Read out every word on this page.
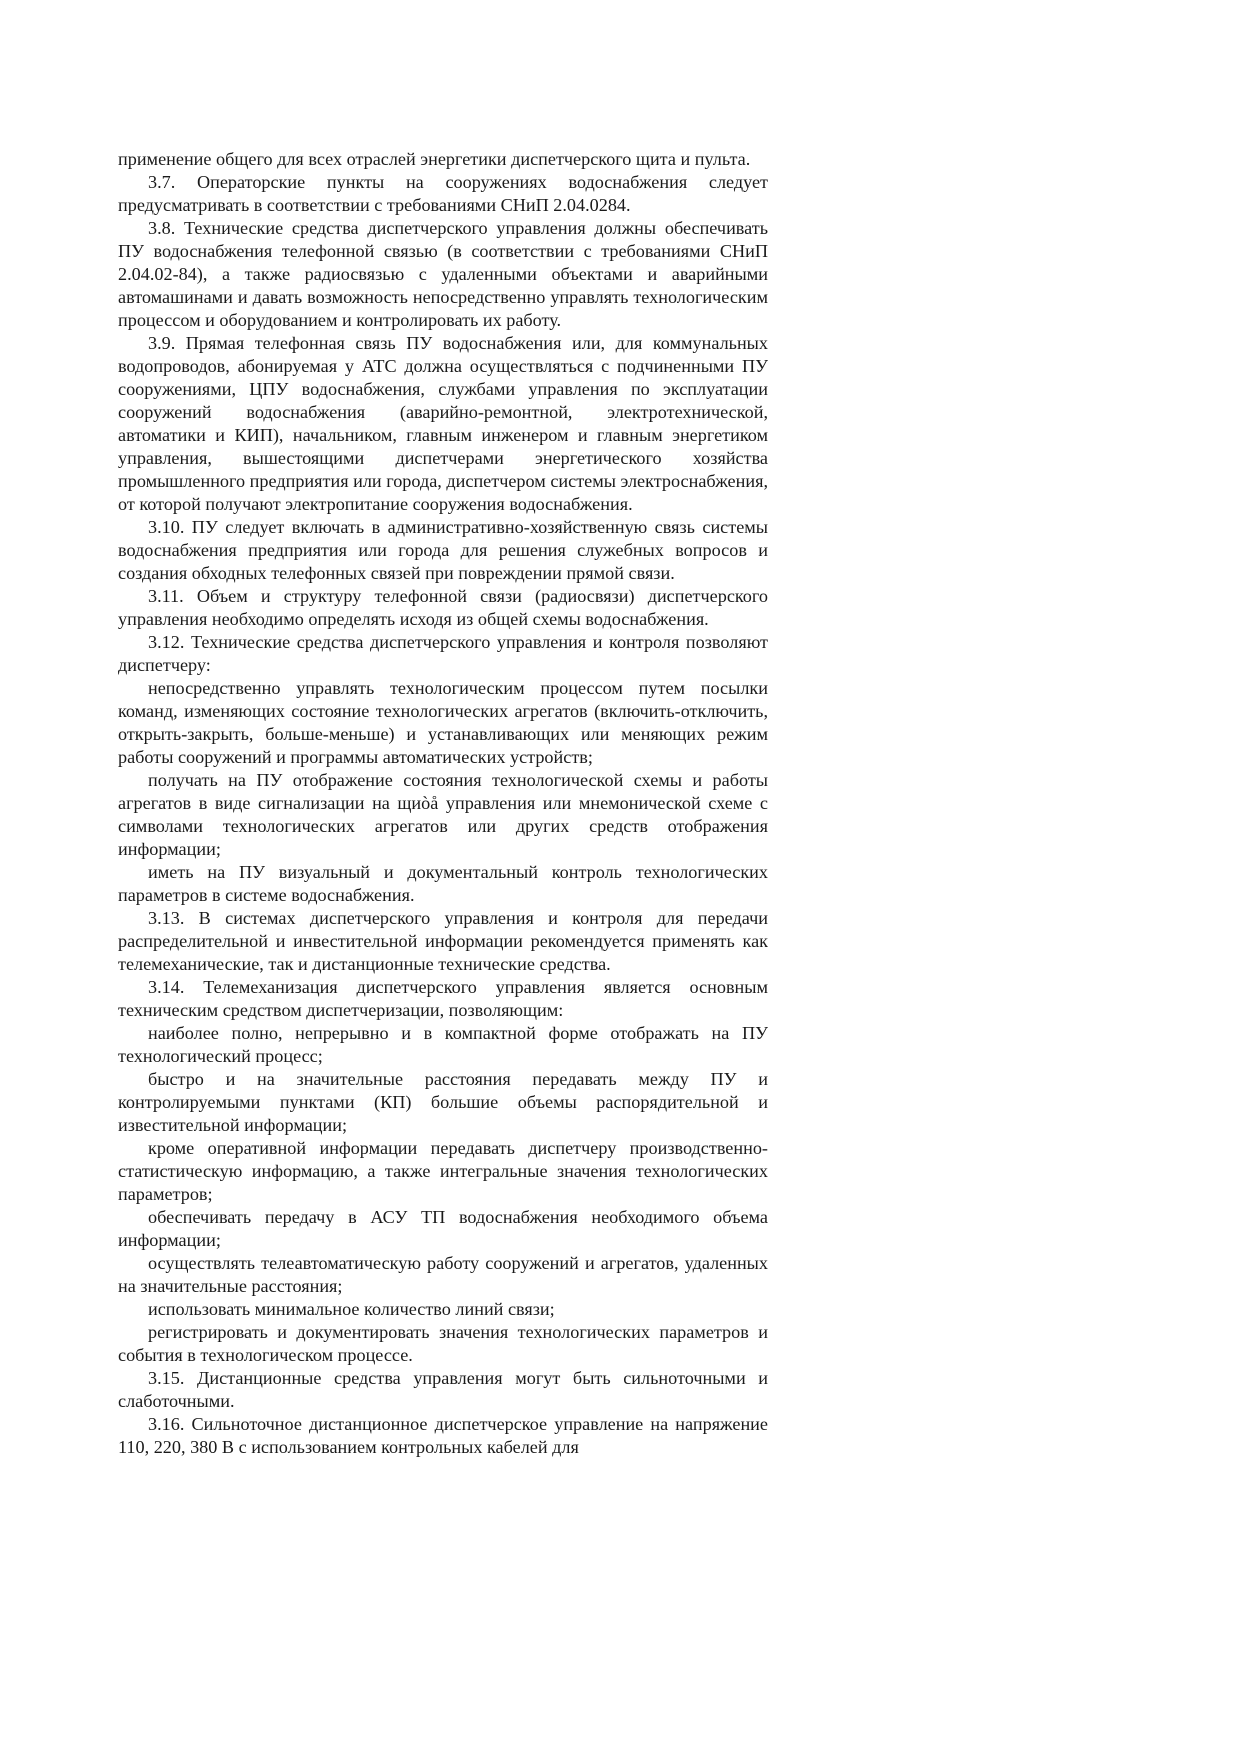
применение общего для всех отраслей энергетики диспетчерского щита и пульта.

3.7. Операторские пункты на сооружениях водоснабжения следует предусматривать в соответствии с требованиями СНиП 2.04.0284.

3.8. Технические средства диспетчерского управления должны обеспечивать ПУ водоснабжения телефонной связью (в соответствии с требованиями СНиП 2.04.02-84), а также радиосвязью с удаленными объектами и аварийными автомашинами и давать возможность непосредственно управлять технологическим процессом и оборудованием и контролировать их работу.

3.9. Прямая телефонная связь ПУ водоснабжения или, для коммунальных водопроводов, абонируемая у АТС должна осуществляться с подчиненными ПУ сооружениями, ЦПУ водоснабжения, службами управления по эксплуатации сооружений водоснабжения (аварийно-ремонтной, электротехнической, автоматики и КИП), начальником, главным инженером и главным энергетиком управления, вышестоящими диспетчерами энергетического хозяйства промышленного предприятия или города, диспетчером системы электроснабжения, от которой получают электропитание сооружения водоснабжения.

3.10. ПУ следует включать в административно-хозяйственную связь системы водоснабжения предприятия или города для решения служебных вопросов и создания обходных телефонных связей при повреждении прямой связи.

3.11. Объем и структуру телефонной связи (радиосвязи) диспетчерского управления необходимо определять исходя из общей схемы водоснабжения.

3.12. Технические средства диспетчерского управления и контроля позволяют диспетчеру:

непосредственно управлять технологическим процессом путем посылки команд, изменяющих состояние технологических агрегатов (включить-отключить, открыть-закрыть, больше-меньше) и устанавливающих или меняющих режим работы сооружений и программы автоматических устройств;

получать на ПУ отображение состояния технологической схемы и работы агрегатов в виде сигнализации на щиòå управления или мнемонической схеме с символами технологических агрегатов или других средств отображения информации;

иметь на ПУ визуальный и документальный контроль технологических параметров в системе водоснабжения.

3.13. В системах диспетчерского управления и контроля для передачи распределительной и инвестительной информации рекомендуется применять как телемеханические, так и дистанционные технические средства.

3.14. Телемеханизация диспетчерского управления является основным техническим средством диспетчеризации, позволяющим:

наиболее полно, непрерывно и в компактной форме отображать на ПУ технологический процесс;

быстро и на значительные расстояния передавать между ПУ и контролируемыми пунктами (КП) большие объемы распорядительной и известительной информации;

кроме оперативной информации передавать диспетчеру производственно-статистическую информацию, а также интегральные значения технологических параметров;

обеспечивать передачу в АСУ ТП водоснабжения необходимого объема информации;

осуществлять телеавтоматическую работу сооружений и агрегатов, удаленных на значительные расстояния;

использовать минимальное количество линий связи;

регистрировать и документировать значения технологических параметров и события в технологическом процессе.

3.15. Дистанционные средства управления могут быть сильноточными и слаботочными.

3.16. Сильноточное дистанционное диспетчерское управление на напряжение 110, 220, 380 В с использованием контрольных кабелей для
